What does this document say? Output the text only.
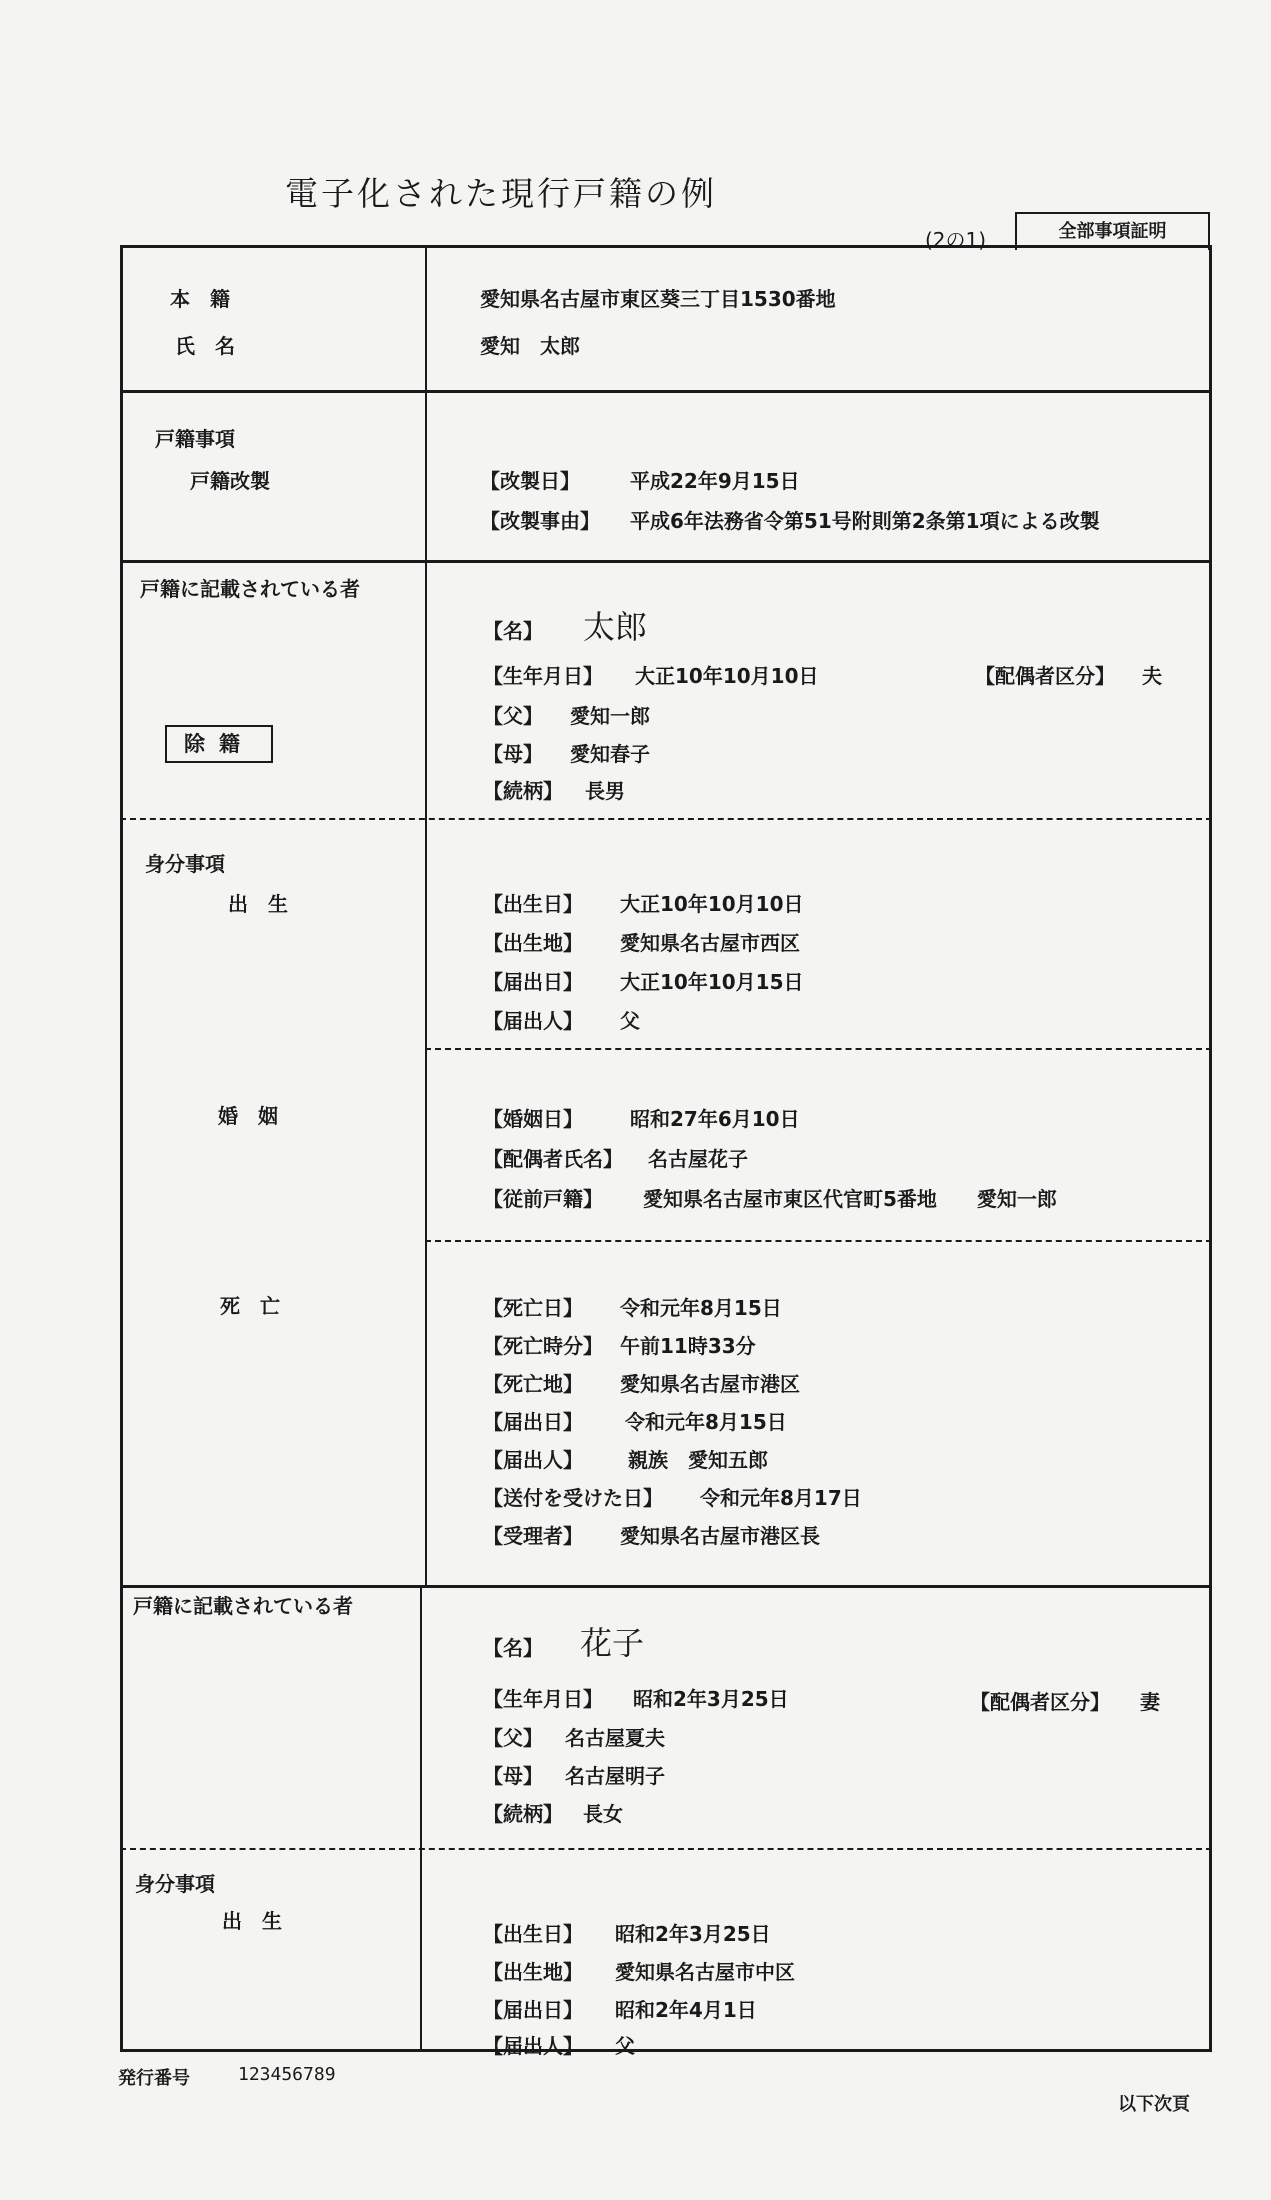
電子化された現行戸籍の例
(2の1)	全部事項証明
本　籍	愛知県名古屋市東区葵三丁目1530番地
氏　名	愛知　太郎
戸籍事項
戸籍改製	【改製日】	平成22年9月15日
【改製事由】 平成6年法務省令第51号附則第2条第1項による改製
戸籍に記載されている者
【名】 太郎
【生年月日】 大正10年10月10日	【配偶者区分】 夫
【父】 愛知一郎
【母】 愛知春子
【続柄】 長男
除籍
身分事項
出　生	【出生日】 大正10年10月10日
【出生地】 愛知県名古屋市西区
【届出日】 大正10年10月15日
【届出人】 父
婚　姻	【婚姻日】 昭和27年6月10日
【配偶者氏名】 名古屋花子
【従前戸籍】 愛知県名古屋市東区代官町5番地　　愛知一郎
死　亡	【死亡日】 令和元年8月15日
【死亡時分】 午前11時33分
【死亡地】 愛知県名古屋市港区
【届出日】 令和元年8月15日
【届出人】 親族　愛知五郎
【送付を受けた日】 令和元年8月17日
【受理者】 愛知県名古屋市港区長
戸籍に記載されている者
【名】 花子
【生年月日】 昭和2年3月25日	【配偶者区分】 妻
【父】 名古屋夏夫
【母】 名古屋明子
【続柄】 長女
身分事項
出　生
【出生日】 昭和2年3月25日
【出生地】 愛知県名古屋市中区
【届出日】 昭和2年4月1日
【届出人】 父
発行番号	123456789
以下次頁
